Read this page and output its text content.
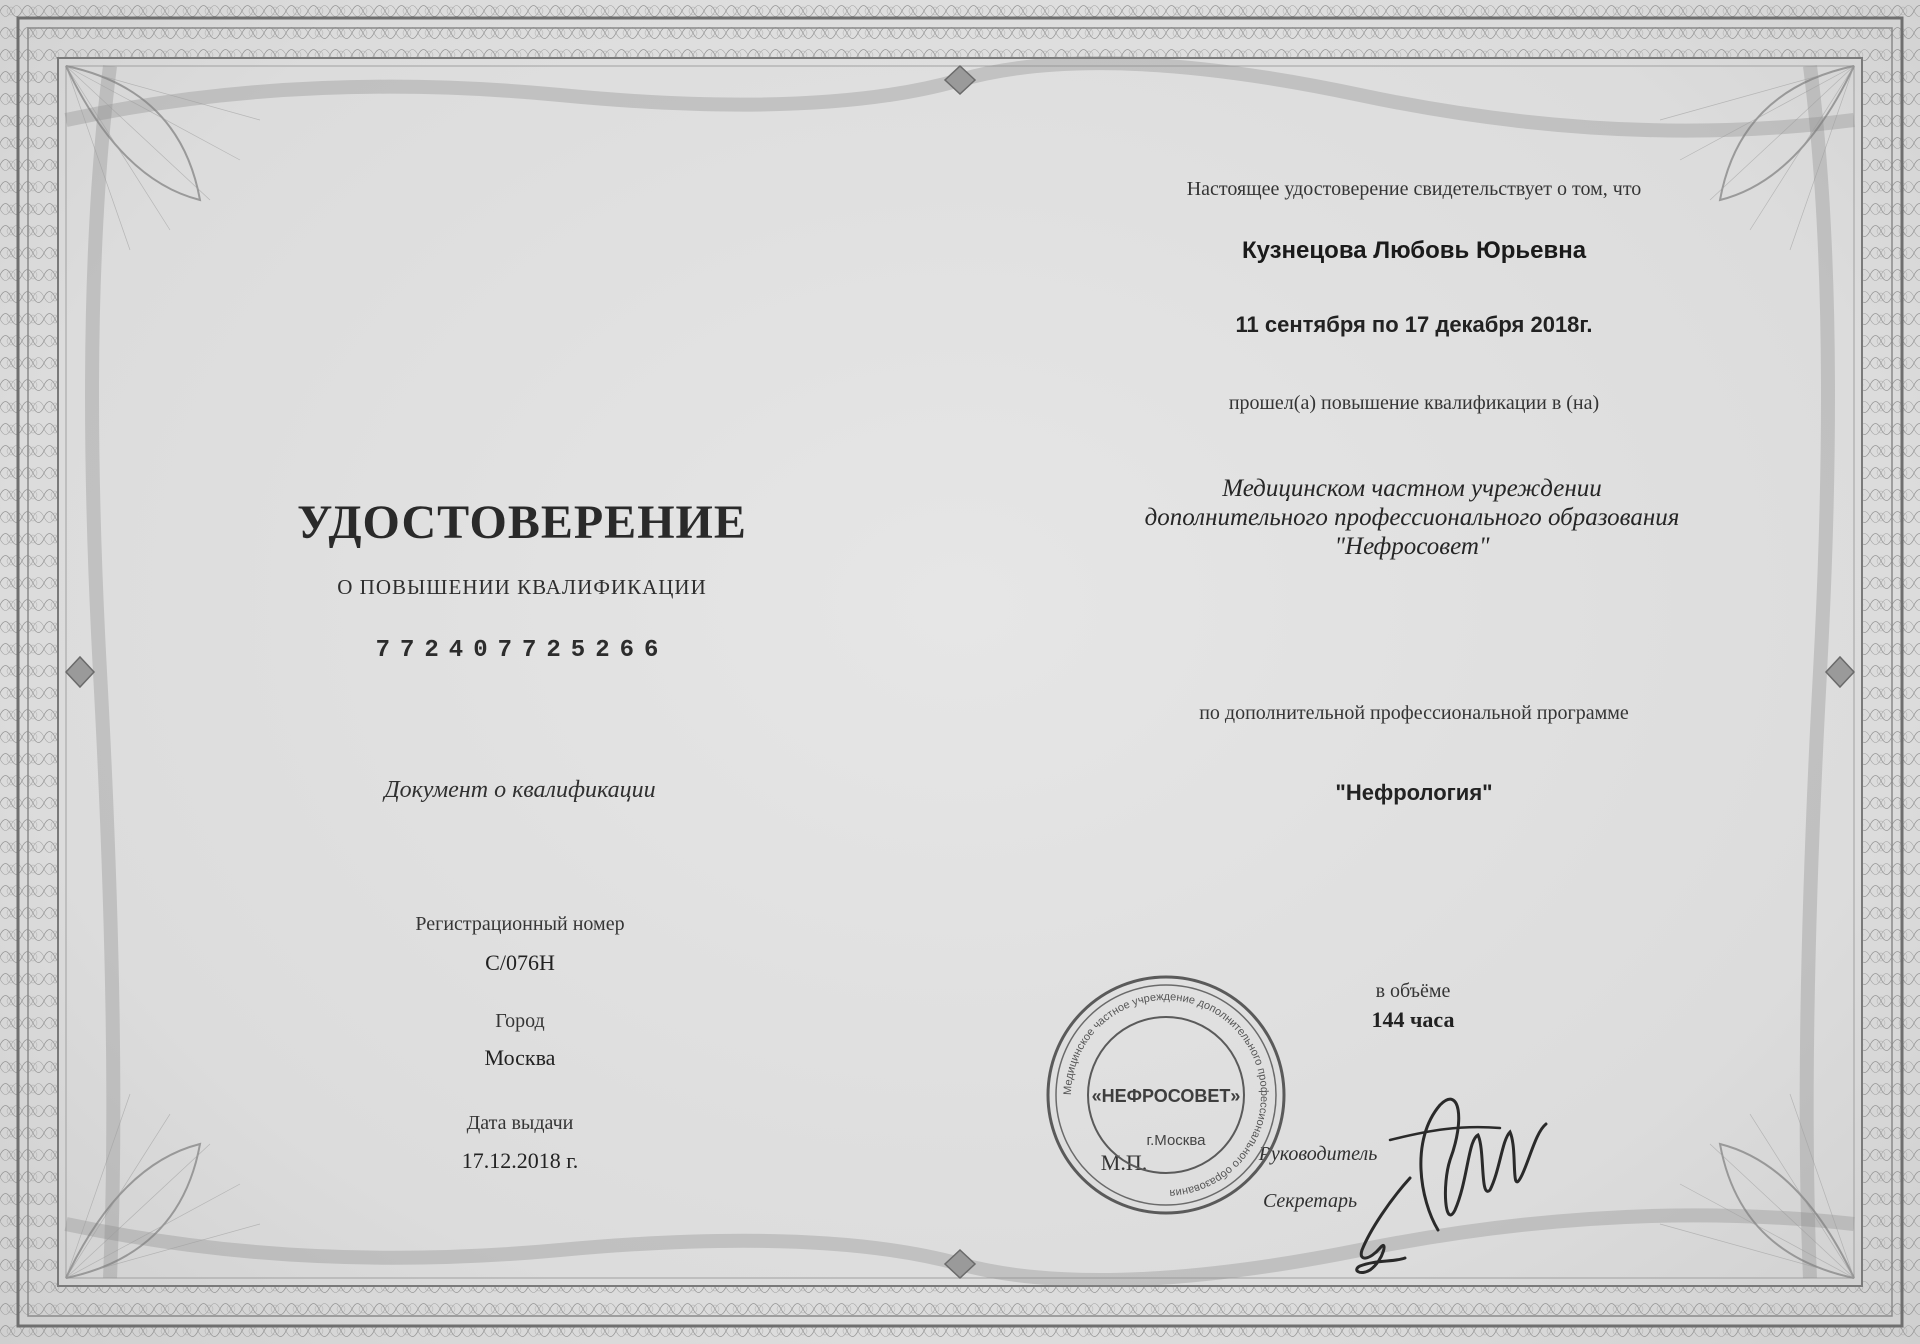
УДОСТОВЕРЕНИЕ
О ПОВЫШЕНИИ КВАЛИФИКАЦИИ
772407725266
Документ о квалификации
Регистрационный номер
С/076Н
Город
Москва
Дата выдачи
17.12.2018 г.
Настоящее удостоверение свидетельствует о том, что
Кузнецова Любовь Юрьевна
11 сентября по 17 декабря 2018г.
прошел(а) повышение квалификации в (на)
Медицинском частном учреждении
дополнительного профессионального образования
"Нефросовет"
по дополнительной профессиональной программе
"Нефрология"
в объёме
144 часа
Руководитель
Секретарь
М.П.
Медицинское частное учреждение дополнительного профессионального образования
«НЕФРОСОВЕТ»
г.Москва
